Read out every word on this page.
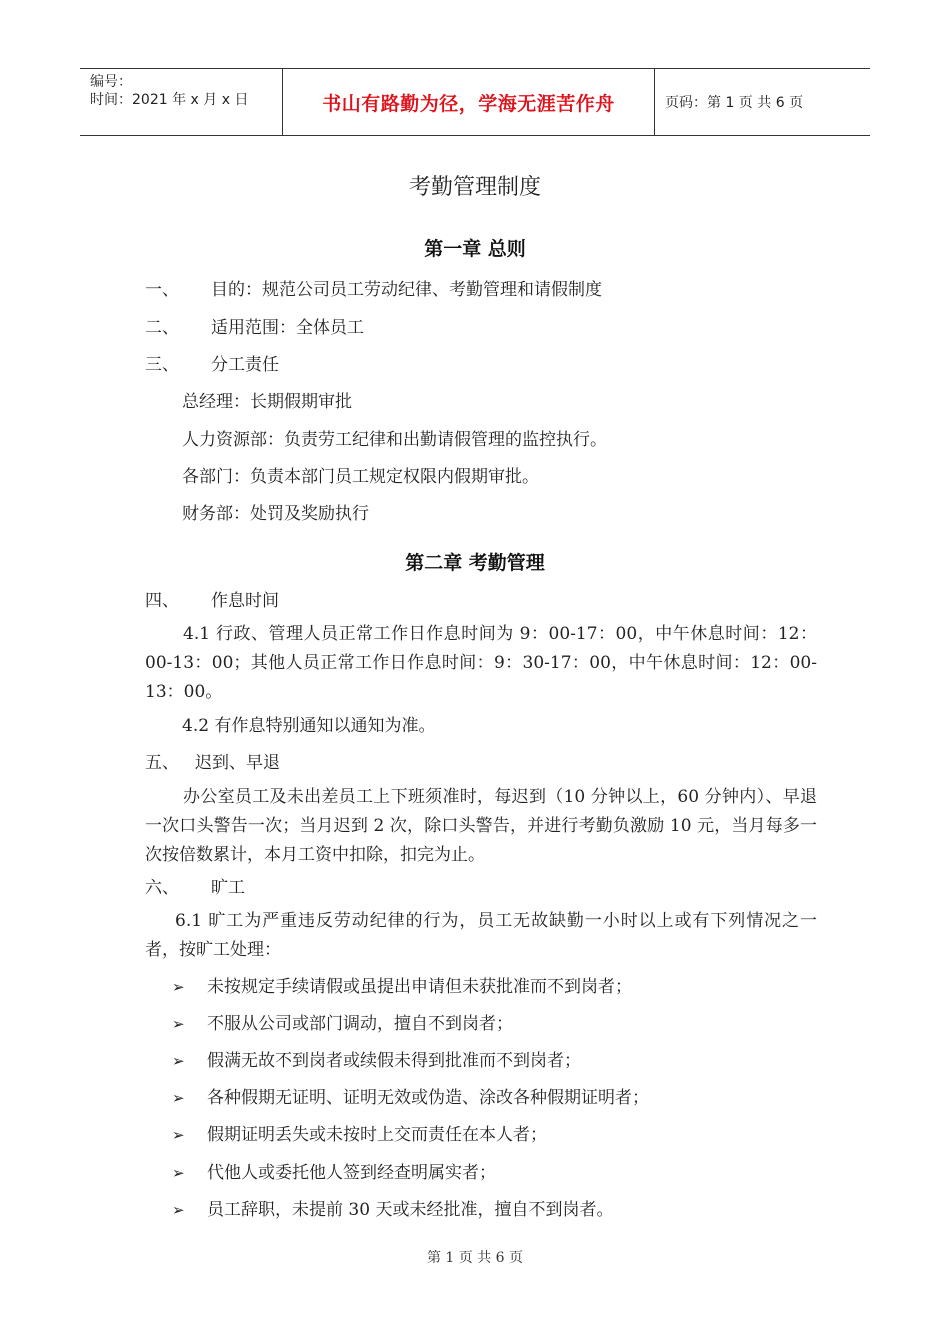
编号：
时间：2021 年 x 月 x 日	书山有路勤为径，学海无涯苦作舟	页码：第 1 页 共 6 页
考勤管理制度
第一章 总则
一、 目的：规范公司员工劳动纪律、考勤管理和请假制度
二、 适用范围：全体员工
三、 分工责任
总经理：长期假期审批
人力资源部：负责劳工纪律和出勤请假管理的监控执行。
各部门：负责本部门员工规定权限内假期审批。
财务部：处罚及奖励执行
第二章 考勤管理
四、 作息时间
4.1 行政、管理人员正常工作日作息时间为 9：00-17：00，中午休息时间：12：00-13：00；其他人员正常工作日作息时间：9：30-17：00，中午休息时间：12：00-13：00。
4.2 有作息特别通知以通知为准。
五、 迟到、早退
办公室员工及未出差员工上下班须准时，每迟到（10 分钟以上，60 分钟内）、早退一次口头警告一次；当月迟到 2 次，除口头警告，并进行考勤负激励 10 元，当月每多一次按倍数累计，本月工资中扣除，扣完为止。
六、 旷工
6.1 旷工为严重违反劳动纪律的行为，员工无故缺勤一小时以上或有下列情况之一者，按旷工处理：
➢ 未按规定手续请假或虽提出申请但未获批准而不到岗者；
➢ 不服从公司或部门调动，擅自不到岗者；
➢ 假满无故不到岗者或续假未得到批准而不到岗者；
➢ 各种假期无证明、证明无效或伪造、涂改各种假期证明者；
➢ 假期证明丢失或未按时上交而责任在本人者；
➢ 代他人或委托他人签到经查明属实者；
➢ 员工辞职，未提前 30 天或未经批准，擅自不到岗者。
第 1 页 共 6 页
